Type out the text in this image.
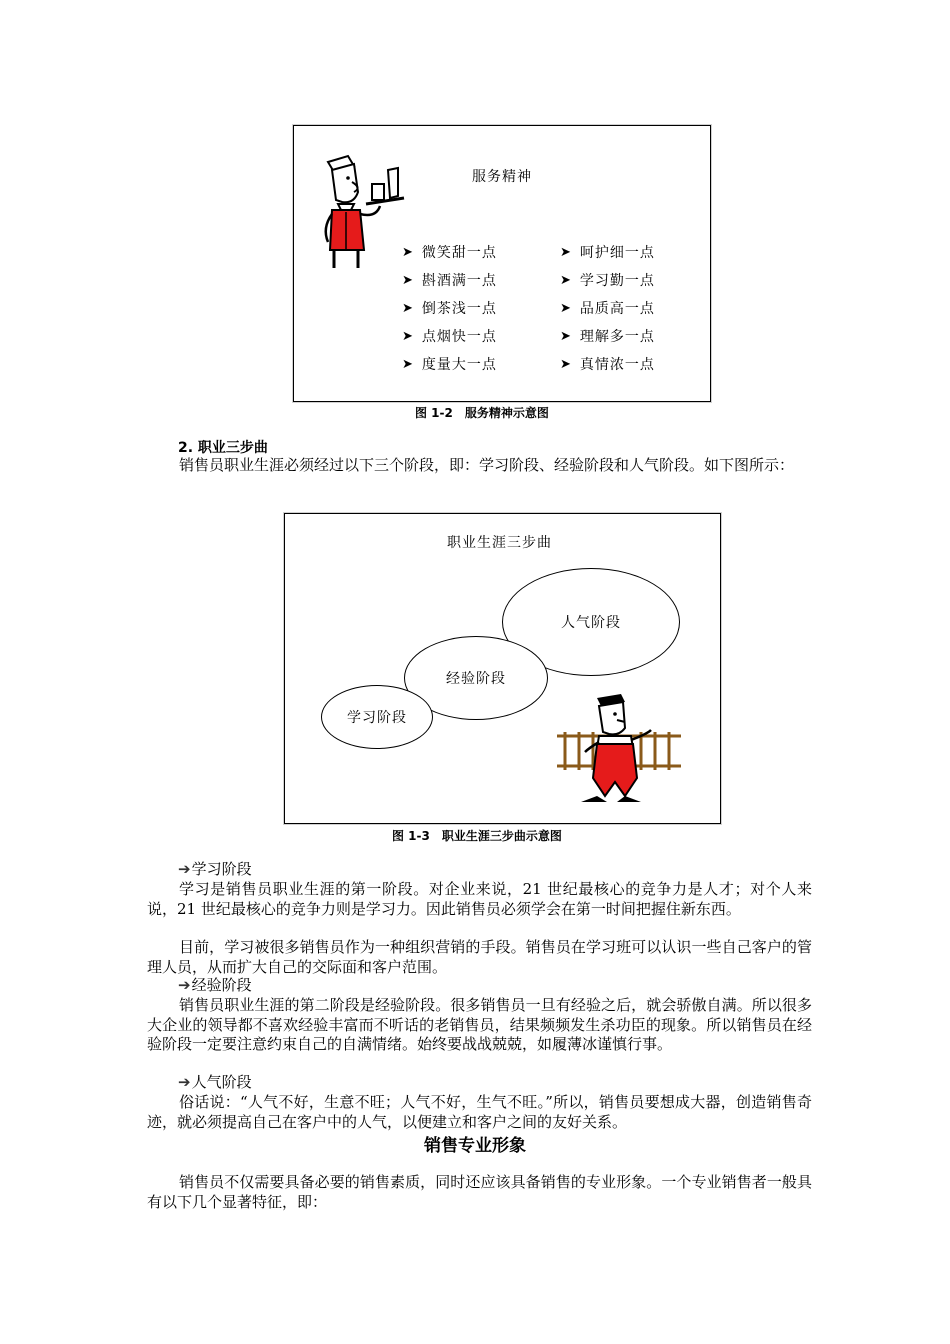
服务精神
➤ 微笑甜一点
➤ 斟酒满一点
➤ 倒茶浅一点
➤ 点烟快一点
➤ 度量大一点
➤ 呵护细一点
➤ 学习勤一点
➤ 品质高一点
➤ 理解多一点
➤ 真情浓一点
图 1-2　服务精神示意图
2. 职业三步曲

销售员职业生涯必须经过以下三个阶段，即：学习阶段、经验阶段和人气阶段。如下图所示：

职业生涯三步曲
人气阶段
经验阶段
学习阶段
图 1-3　职业生涯三步曲示意图
➔学习阶段

学习是销售员职业生涯的第一阶段。对企业来说，21 世纪最核心的竞争力是人才；对个人来说，21 世纪最核心的竞争力则是学习力。因此销售员必须学会在第一时间把握住新东西。

目前，学习被很多销售员作为一种组织营销的手段。销售员在学习班可以认识一些自己客户的管理人员，从而扩大自己的交际面和客户范围。

➔经验阶段

销售员职业生涯的第二阶段是经验阶段。很多销售员一旦有经验之后，就会骄傲自满。所以很多大企业的领导都不喜欢经验丰富而不听话的老销售员，结果频频发生杀功臣的现象。所以销售员在经验阶段一定要注意约束自己的自满情绪。始终要战战兢兢，如履薄冰谨慎行事。

➔人气阶段

俗话说：“人气不好，生意不旺；人气不好，生气不旺。”所以，销售员要想成大器，创造销售奇迹，就必须提高自己在客户中的人气，以便建立和客户之间的友好关系。

销售专业形象

销售员不仅需要具备必要的销售素质，同时还应该具备销售的专业形象。一个专业销售者一般具有以下几个显著特征，即：
